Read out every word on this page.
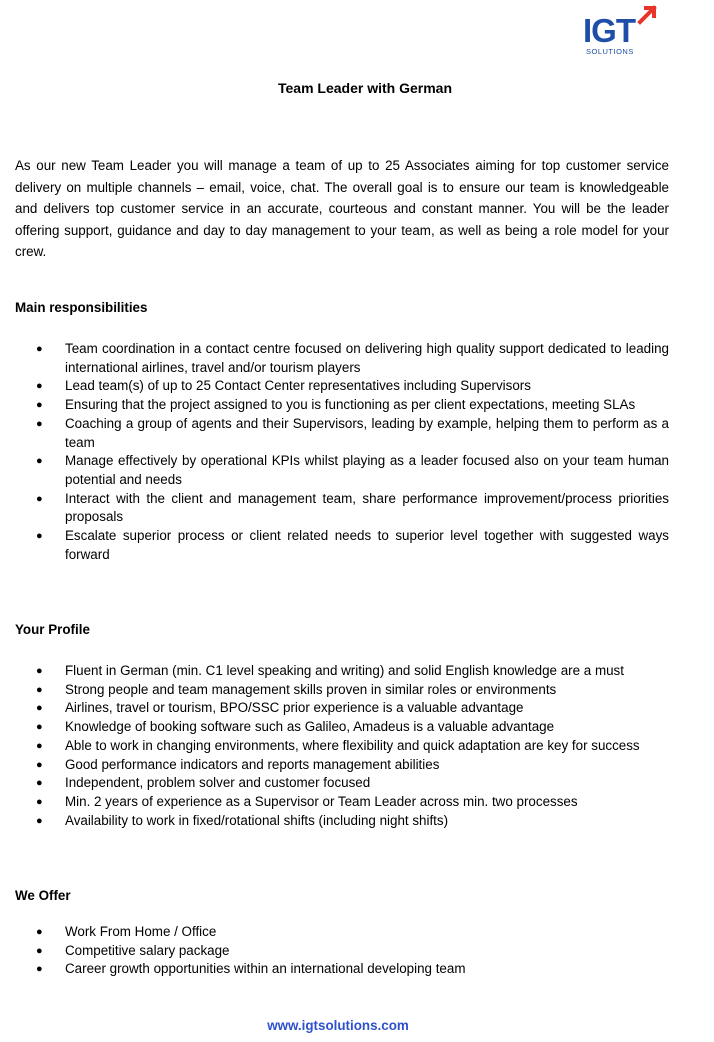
IGT
SOLUTIONS
Team Leader with German

As our new Team Leader you will manage a team of up to 25 Associates aiming for top customer service delivery on multiple channels – email, voice, chat. The overall goal is to ensure our team is knowledgeable and delivers top customer service in an accurate, courteous and constant manner. You will be the leader offering support, guidance and day to day management to your team, as well as being a role model for your crew.

Main responsibilities
● Team coordination in a contact centre focused on delivering high quality support dedicated to leading international airlines, travel and/or tourism players
● Lead team(s) of up to 25 Contact Center representatives including Supervisors
● Ensuring that the project assigned to you is functioning as per client expectations, meeting SLAs
● Coaching a group of agents and their Supervisors, leading by example, helping them to perform as a team
● Manage effectively by operational KPIs whilst playing as a leader focused also on your team human potential and needs
● Interact with the client and management team, share performance improvement/process priorities proposals
● Escalate superior process or client related needs to superior level together with suggested ways forward
Your Profile
● Fluent in German (min. C1 level speaking and writing) and solid English knowledge are a must
● Strong people and team management skills proven in similar roles or environments
● Airlines, travel or tourism, BPO/SSC prior experience is a valuable advantage
● Knowledge of booking software such as Galileo, Amadeus is a valuable advantage
● Able to work in changing environments, where flexibility and quick adaptation are key for success
● Good performance indicators and reports management abilities
● Independent, problem solver and customer focused
● Min. 2 years of experience as a Supervisor or Team Leader across min. two processes
● Availability to work in fixed/rotational shifts (including night shifts)
We Offer
● Work From Home / Office
● Competitive salary package
● Career growth opportunities within an international developing team
www.igtsolutions.com
